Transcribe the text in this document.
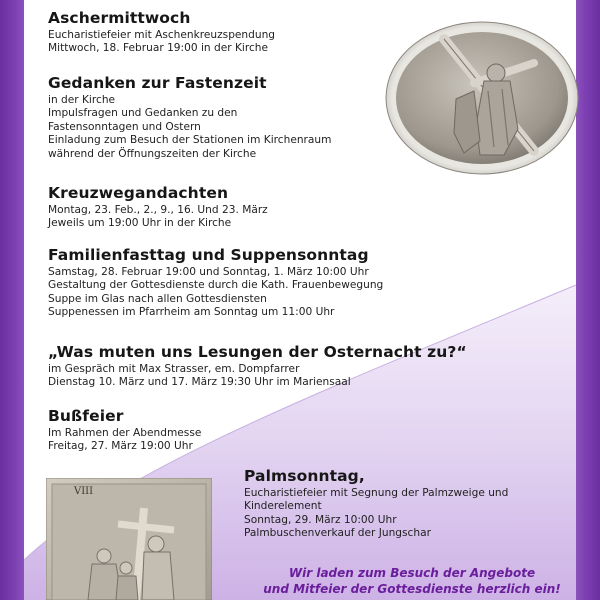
VIII
Aschermittwoch
Eucharistiefeier mit Aschenkreuzspendung
Mittwoch, 18. Februar 19:00 in der Kirche
Gedanken zur Fastenzeit
in der Kirche
Impulsfragen und Gedanken zu den
Fastensonntagen und Ostern
Einladung zum Besuch der Stationen im Kirchenraum
während der Öffnungszeiten der Kirche
Kreuzwegandachten
Montag, 23. Feb., 2., 9., 16. Und 23. März
Jeweils um 19:00 Uhr in der Kirche
Familienfasttag und Suppensonntag
Samstag, 28. Februar 19:00 und Sonntag, 1. März 10:00 Uhr
Gestaltung der Gottesdienste durch die Kath. Frauenbewegung
Suppe im Glas nach allen Gottesdiensten
Suppenessen im Pfarrheim am Sonntag um 11:00 Uhr
„Was muten uns Lesungen der Osternacht zu?“
im Gespräch mit Max Strasser, em. Dompfarrer
Dienstag 10. März und 17. März 19:30 Uhr im Mariensaal
Bußfeier
Im Rahmen der Abendmesse
Freitag, 27. März 19:00 Uhr
Palmsonntag,
Eucharistiefeier mit Segnung der Palmzweige und
Kinderelement
Sonntag, 29. März 10:00 Uhr
Palmbuschenverkauf der Jungschar
Wir laden zum Besuch der Angebote
und Mitfeier der Gottesdienste herzlich ein!
